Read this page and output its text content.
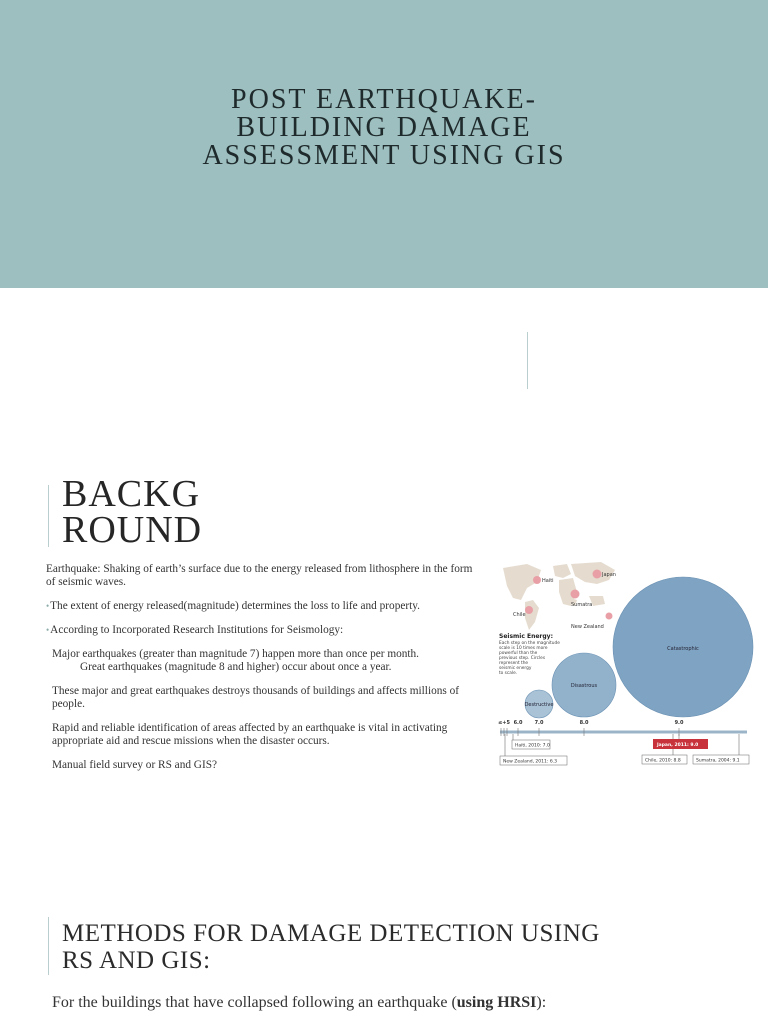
POST EARTHQUAKE-
BUILDING DAMAGE
ASSESSMENT USING GIS
BACKG
ROUND

Earthquake: Shaking of earth’s surface due to the energy released from lithosphere in the form of seismic waves.

•The extent of energy released(magnitude) determines the loss to life and property.

•According to Incorporated Research Institutions for Seismology:

Major earthquakes (greater than magnitude 7) happen more than once per month.
Great earthquakes (magnitude 8 and higher) occur about once a year.

These major and great earthquakes destroys thousands of buildings and affects millions of people.

Rapid and reliable identification of areas affected by an earthquake is vital in activating appropriate aid and rescue missions when the disaster occurs.

Manual field survey or RS and GIS?

Haiti
Japan
Chile
Sumatra
New Zealand
Seismic Energy:
Each step on the magnitude
scale is 10 times more
powerful than the
previous step. Circles
represent the
seismic energy
to scale.
Destructive
Disastrous
Catastrophic
≤+5 6.0 7.0	8.0	9.0
Haiti, 2010: 7.0
New Zealand, 2011: 6.3
Japan, 2011: 9.0
Chile, 2010: 8.8	Sumatra, 2004: 9.1
METHODS FOR DAMAGE DETECTION USING
RS AND GIS:
For the buildings that have collapsed following an earthquake (using HRSI):
